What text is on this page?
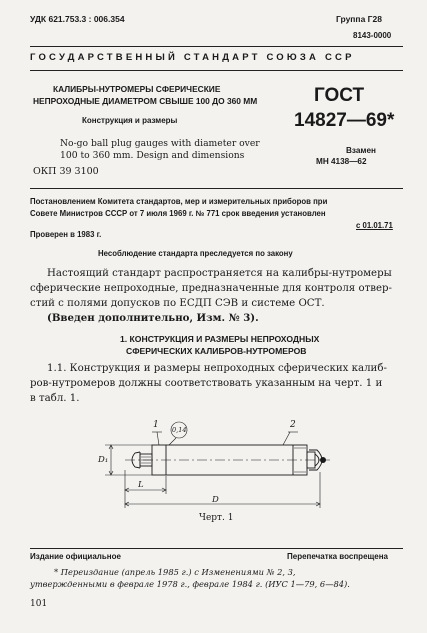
УДК 621.753.3 : 006.354	Группа Г28
8143-0000
ГОСУДАРСТВЕННЫЙ СТАНДАРТ СОЮЗА ССР
КАЛИБРЫ-НУТРОМЕРЫ СФЕРИЧЕСКИЕ
НЕПРОХОДНЫЕ ДИАМЕТРОМ СВЫШЕ 100 ДО 360 ММ
Конструкция и размеры
No-go ball plug gauges with diameter over
100 to 360 mm. Design and dimensions
ОКП 39 3100
ГОСТ
14827—69*
Взамен
МН 4138—62
Постановлением Комитета стандартов, мер и измерительных приборов при
Совете Министров СССР от 7 июля 1969 г. № 771 срок введения установлен
с 01.01.71
Проверен в 1983 г.
Несоблюдение стандарта преследуется по закону
Настоящий стандарт распространяется на калибры-нутромеры
сферические непроходные, предназначенные для контроля отвер-
стий с полями допусков по ЕСДП СЭВ и системе ОСТ.
(Введен дополнительно, Изм. № 3).
1. КОНСТРУКЦИЯ И РАЗМЕРЫ НЕПРОХОДНЫХ
СФЕРИЧЕСКИХ КАЛИБРОВ-НУТРОМЕРОВ
1.1. Конструкция и размеры непроходных сферических калиб-
ров-нутромеров должны соответствовать указанным на черт. 1 и
в табл. 1.
1	2
0,14
D₁
L
D
Черт. 1
Издание официальное	Перепечатка воспрещена
* Переиздание (апрель 1985 г.) с Изменениями № 2, 3,
утвержденными в феврале 1978 г., феврале 1984 г. (ИУС 1—79, 6—84).
101
